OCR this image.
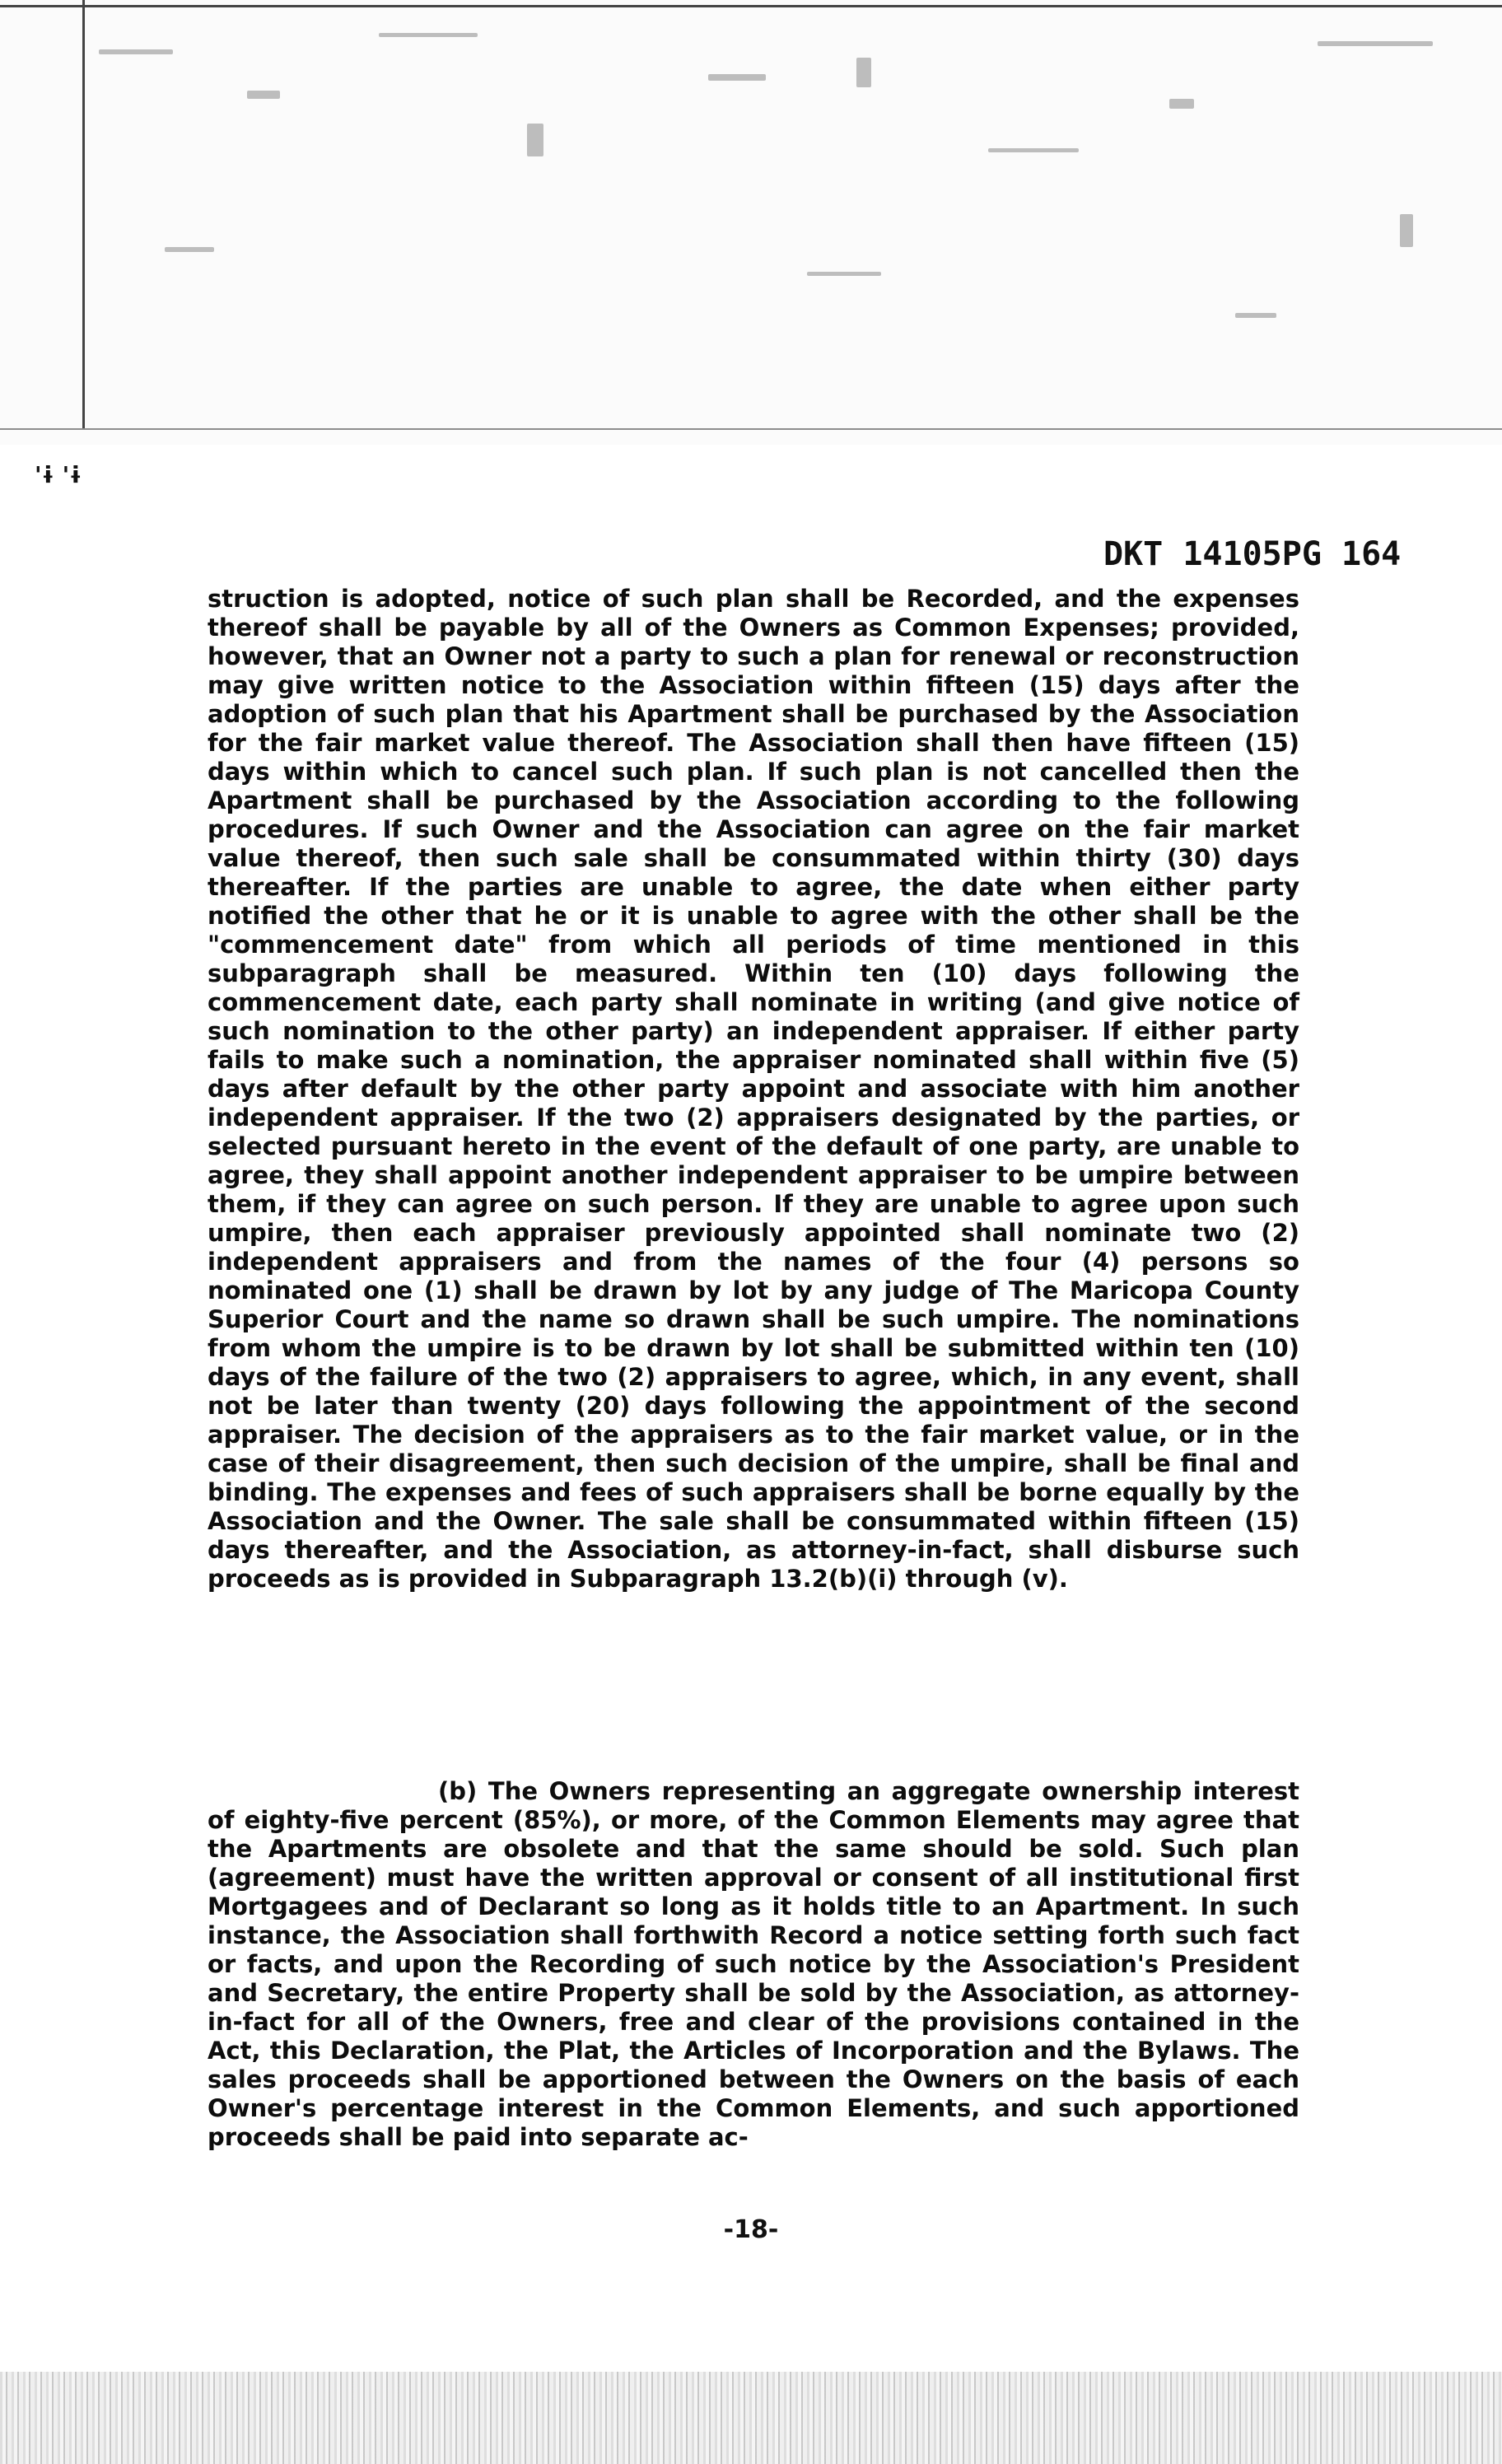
'ɨ 'ɨ
DKT 14105PG 164
struction is adopted, notice of such plan shall be Recorded, and the expenses thereof shall be payable by all of the Owners as Common Expenses; provided, however, that an Owner not a party to such a plan for renewal or reconstruction may give written notice to the Association within fifteen (15) days after the adoption of such plan that his Apartment shall be purchased by the Association for the fair market value thereof. The Association shall then have fifteen (15) days within which to cancel such plan. If such plan is not cancelled then the Apartment shall be purchased by the Association according to the following procedures. If such Owner and the Association can agree on the fair market value thereof, then such sale shall be consummated within thirty (30) days thereafter. If the parties are unable to agree, the date when either party notified the other that he or it is unable to agree with the other shall be the "commencement date" from which all periods of time mentioned in this subparagraph shall be measured. Within ten (10) days following the commencement date, each party shall nominate in writing (and give notice of such nomination to the other party) an independent appraiser. If either party fails to make such a nomination, the appraiser nominated shall within five (5) days after default by the other party appoint and associate with him another independent appraiser. If the two (2) appraisers designated by the parties, or selected pursuant hereto in the event of the default of one party, are unable to agree, they shall appoint another independent appraiser to be umpire between them, if they can agree on such person. If they are unable to agree upon such umpire, then each appraiser previously appointed shall nominate two (2) independent appraisers and from the names of the four (4) persons so nominated one (1) shall be drawn by lot by any judge of The Maricopa County Superior Court and the name so drawn shall be such umpire. The nominations from whom the umpire is to be drawn by lot shall be submitted within ten (10) days of the failure of the two (2) appraisers to agree, which, in any event, shall not be later than twenty (20) days following the appointment of the second appraiser. The decision of the appraisers as to the fair market value, or in the case of their disagreement, then such decision of the umpire, shall be final and binding. The expenses and fees of such appraisers shall be borne equally by the Association and the Owner. The sale shall be consummated within fifteen (15) days thereafter, and the Association, as attorney-in-fact, shall disburse such proceeds as is provided in Subparagraph 13.2(b)(i) through (v).
(b) The Owners representing an aggregate ownership interest of eighty-five percent (85%), or more, of the Common Elements may agree that the Apartments are obsolete and that the same should be sold. Such plan (agreement) must have the written approval or consent of all institutional first Mortgagees and of Declarant so long as it holds title to an Apartment. In such instance, the Association shall forthwith Record a notice setting forth such fact or facts, and upon the Recording of such notice by the Association's President and Secretary, the entire Property shall be sold by the Association, as attorney-in-fact for all of the Owners, free and clear of the provisions contained in the Act, this Declaration, the Plat, the Articles of Incorporation and the Bylaws. The sales proceeds shall be apportioned between the Owners on the basis of each Owner's percentage interest in the Common Elements, and such apportioned proceeds shall be paid into separate ac-
-18-
